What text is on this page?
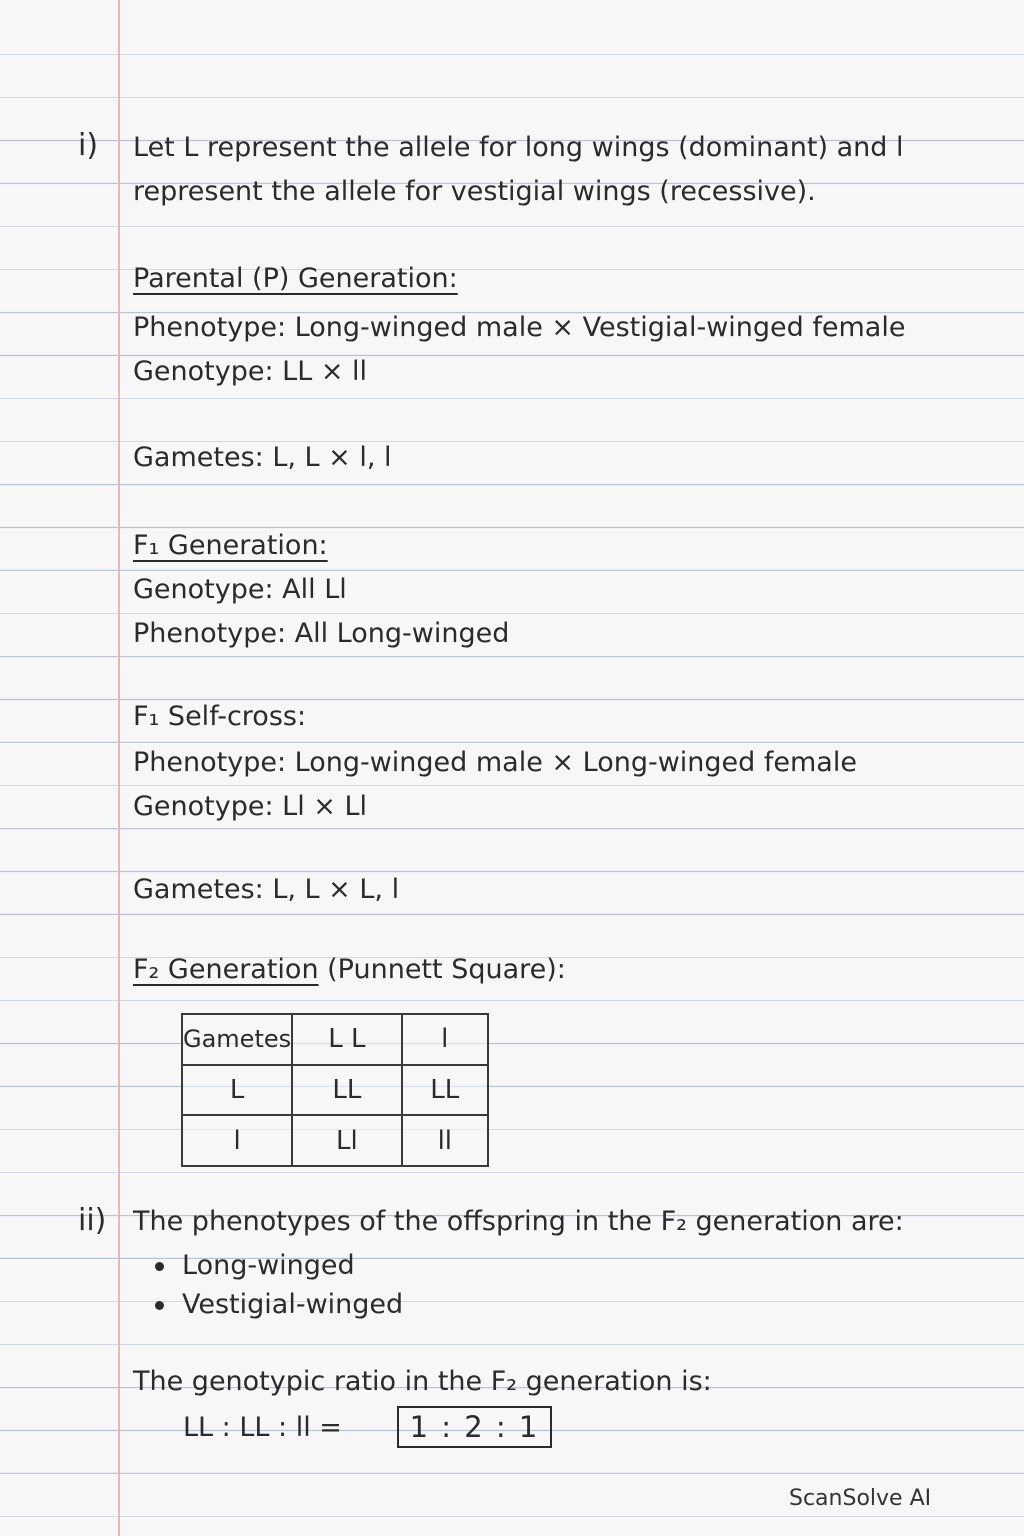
i) Let L represent the allele for long wings (dominant) and l
represent the allele for vestigial wings (recessive).
Parental (P) Generation:
Phenotype: Long-winged male × Vestigial-winged female
Genotype: LL × ll
Gametes: L, L × l, l
F₁ Generation:
Genotype: All Ll
Phenotype: All Long-winged
F₁ Self-cross:
Phenotype: Long-winged male × Long-winged female
Genotype: Ll × Ll
Gametes: L, L × L, l
F₂ Generation (Punnett Square):
Gametes	L L	l
L	LL	LL
l	Ll	ll
ii) The phenotypes of the offspring in the F₂ generation are:
Long-winged
Vestigial-winged
The genotypic ratio in the F₂ generation is:
LL : LL : ll = 1 : 2 : 1
ScanSolve AI
